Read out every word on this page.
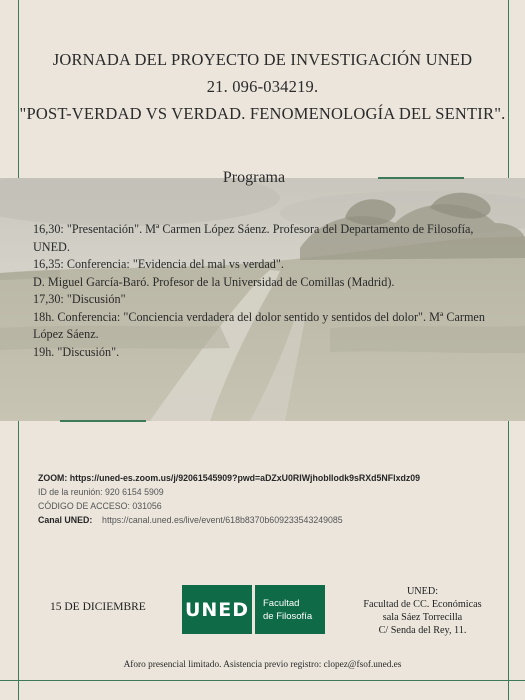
JORNADA DEL PROYECTO DE INVESTIGACIÓN UNED
21. 096-034219.
"POST-VERDAD VS VERDAD. FENOMENOLOGÍA DEL SENTIR".
Programa
16,30: "Presentación". Mª Carmen López Sáenz. Profesora del Departamento de Filosofía, UNED.
16,35: Conferencia: "Evidencia del mal vs verdad".
D. Miguel García-Baró. Profesor de la Universidad de Comillas (Madrid).
17,30: "Discusión"
18h. Conferencia: "Conciencia verdadera del dolor sentido y sentidos del dolor". Mª Carmen López Sáenz.
19h. "Discusión".
ZOOM: https://uned-es.zoom.us/j/92061545909?pwd=aDZxU0RIWjhobllodk9sRXd5NFlxdz09
ID de la reunión: 920 6154 5909
CÓDIGO DE ACCESO: 031056
Canal UNED: https://canal.uned.es/live/event/618b8370b609233543249085
15 DE DICIEMBRE UNED	Facultad
de Filosofía
UNED:
Facultad de CC. Económicas
sala Sáez Torrecilla
C/ Senda del Rey, 11.
Aforo presencial limitado. Asistencia previo registro: clopez@fsof.uned.es
